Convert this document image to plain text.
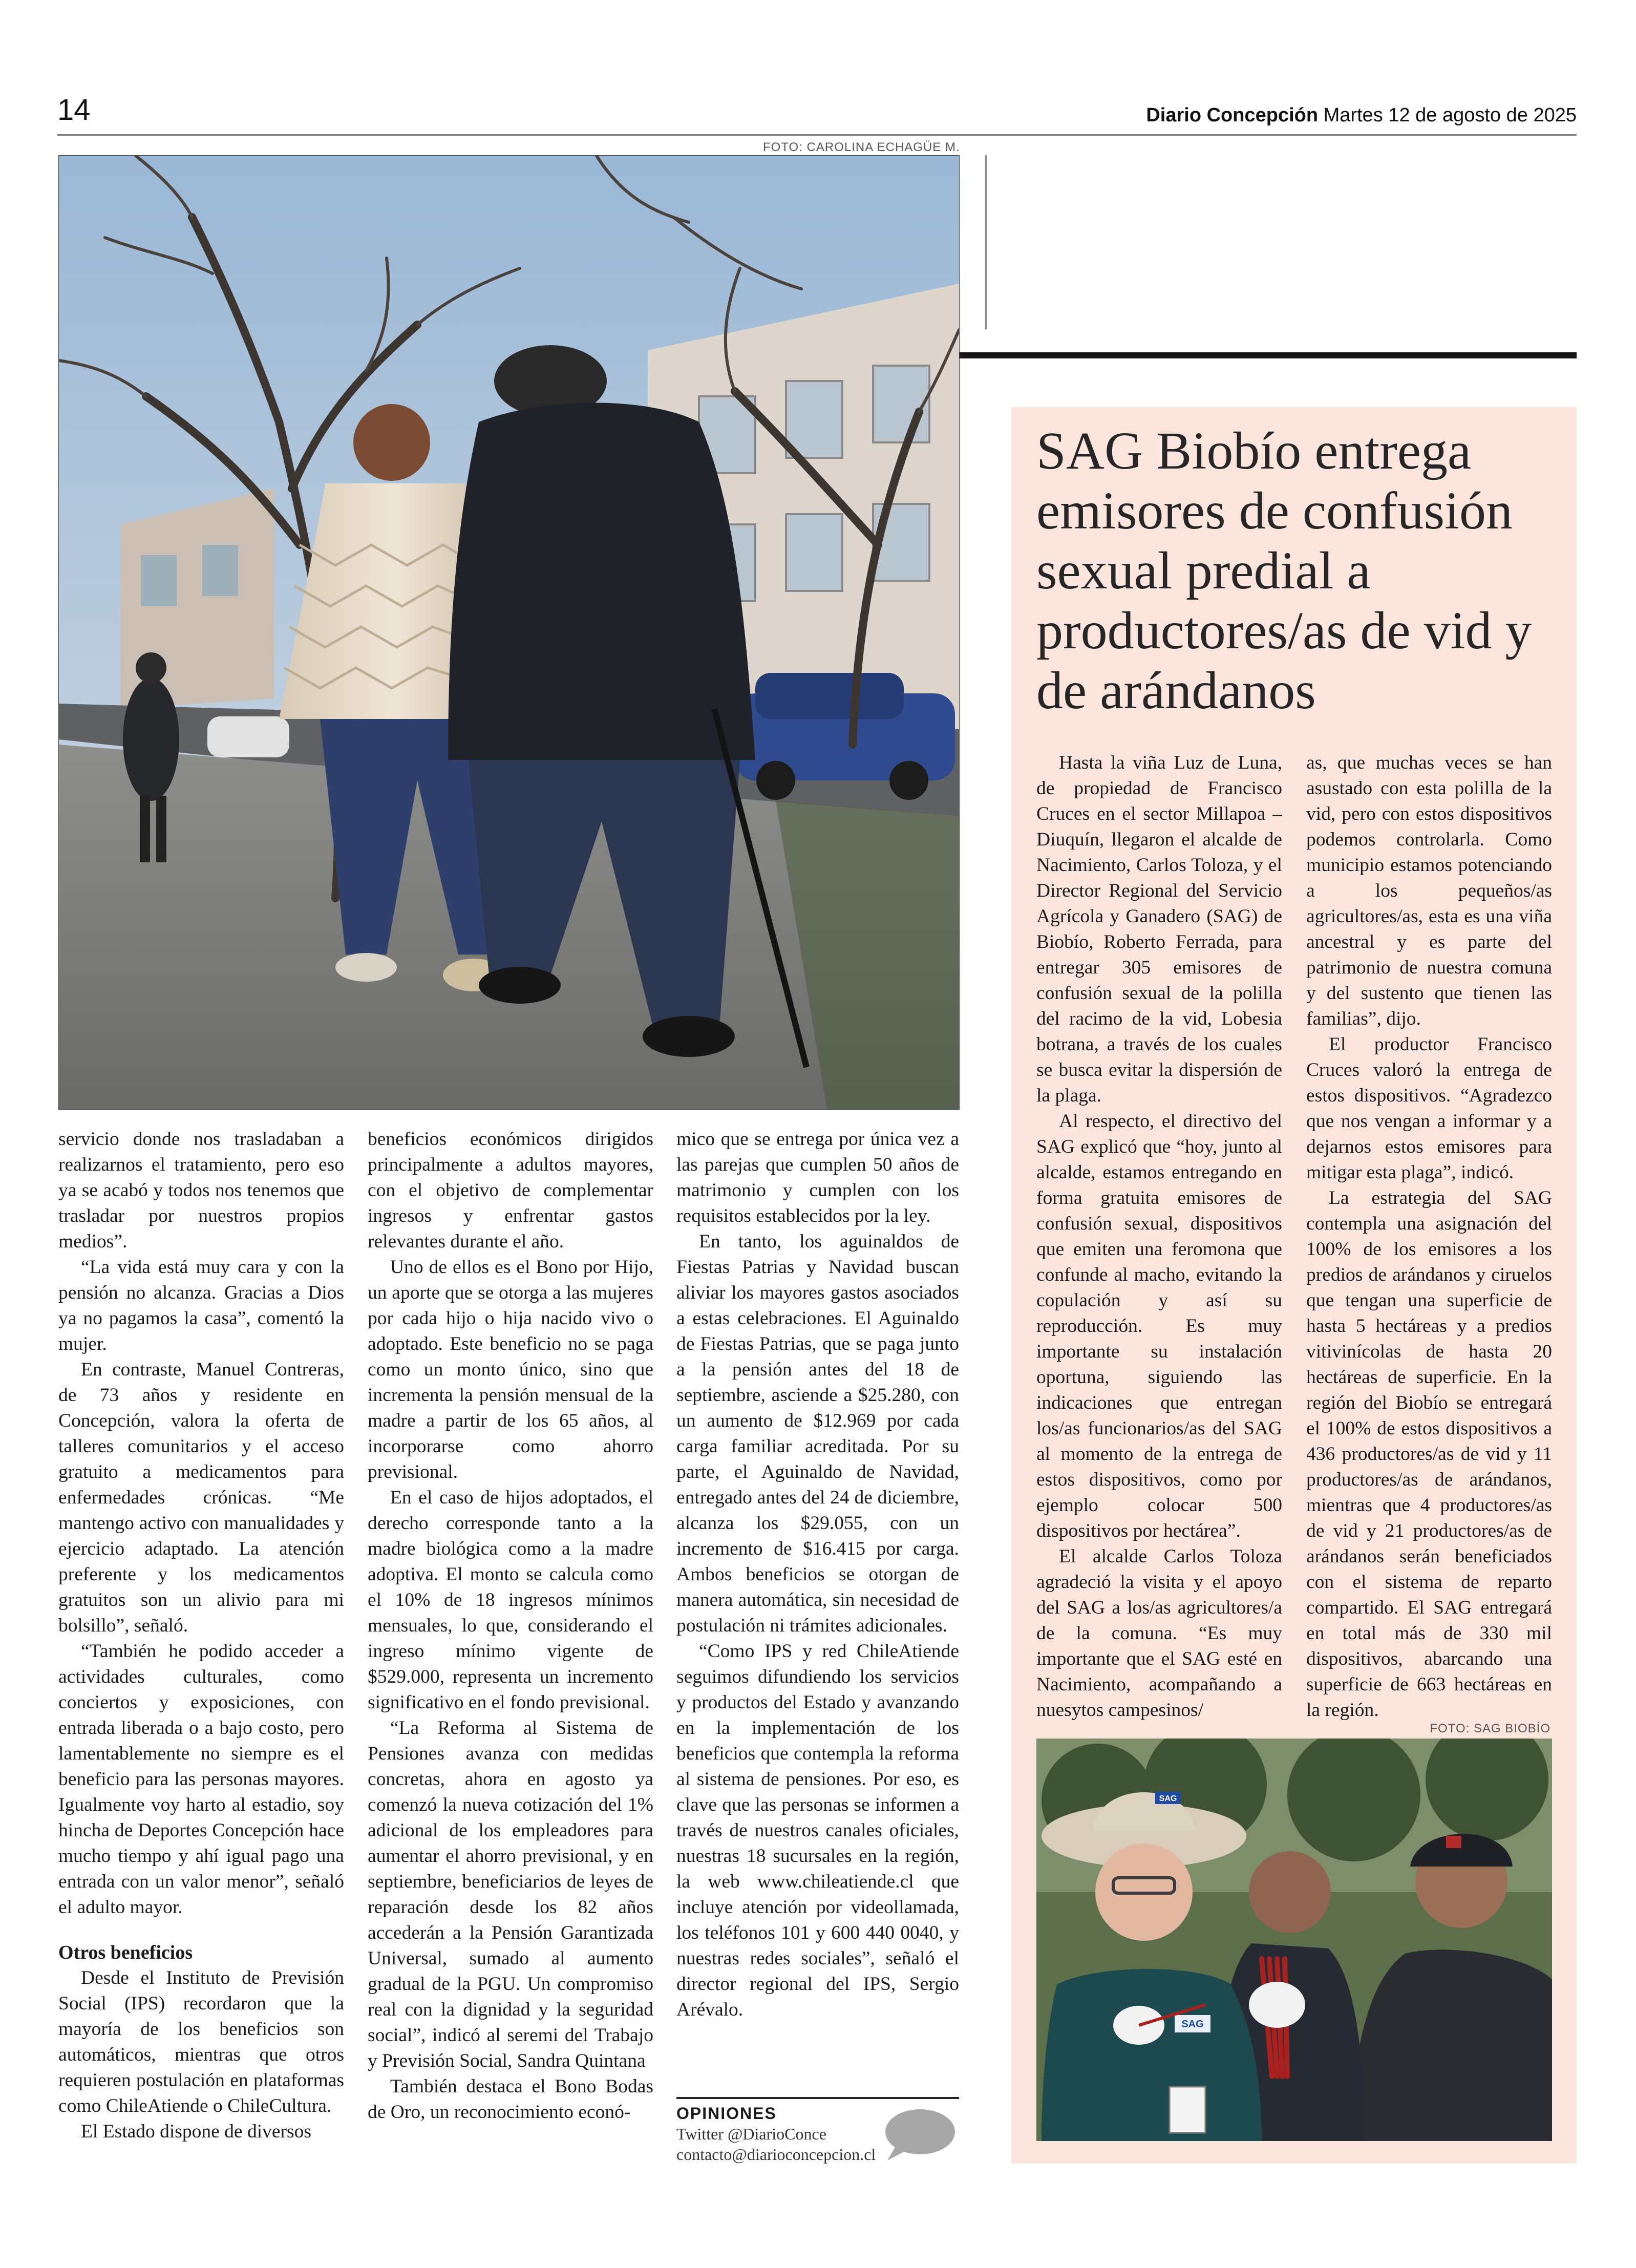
14	Diario Concepción Martes 12 de agosto de 2025
FOTO: CAROLINA ECHAGÜE M.

servicio donde nos trasladaban a realizarnos el tratamiento, pero eso ya se acabó y todos nos tenemos que trasladar por nuestros propios medios”.

“La vida está muy cara y con la pensión no alcanza. Gracias a Dios ya no pagamos la casa”, comentó la mujer.

En contraste, Manuel Contreras, de 73 años y residente en Concepción, valora la oferta de talleres comunitarios y el acceso gratuito a medicamentos para enfermedades crónicas. “Me mantengo activo con manualidades y ejercicio adaptado. La atención preferente y los medicamentos gratuitos son un alivio para mi bolsillo”, señaló.

“También he podido acceder a actividades culturales, como conciertos y exposiciones, con entrada liberada o a bajo costo, pero lamentablemente no siempre es el beneficio para las personas mayores. Igualmente voy harto al estadio, soy hincha de Deportes Concepción hace mucho tiempo y ahí igual pago una entrada con un valor menor”, señaló el adulto mayor.

Otros beneficios

Desde el Instituto de Previsión Social (IPS) recordaron que la mayoría de los beneficios son automáticos, mientras que otros requieren postulación en plataformas como ChileAtiende o ChileCultura.

El Estado dispone de diversos

beneficios económicos dirigidos principalmente a adultos mayores, con el objetivo de complementar ingresos y enfrentar gastos relevantes durante el año.

Uno de ellos es el Bono por Hijo, un aporte que se otorga a las mujeres por cada hijo o hija nacido vivo o adoptado. Este beneficio no se paga como un monto único, sino que incrementa la pensión mensual de la madre a partir de los 65 años, al incorporarse como ahorro previsional.

En el caso de hijos adoptados, el derecho corresponde tanto a la madre biológica como a la madre adoptiva. El monto se calcula como el 10% de 18 ingresos mínimos mensuales, lo que, considerando el ingreso mínimo vigente de $529.000, representa un incremento significativo en el fondo previsional.

“La Reforma al Sistema de Pensiones avanza con medidas concretas, ahora en agosto ya comenzó la nueva cotización del 1% adicional de los empleadores para aumentar el ahorro previsional, y en septiembre, beneficiarios de leyes de reparación desde los 82 años accederán a la Pensión Garantizada Universal, sumado al aumento gradual de la PGU. Un compromiso real con la dignidad y la seguridad social”, indicó al seremi del Trabajo y Previsión Social, Sandra Quintana

También destaca el Bono Bodas de Oro, un reconocimiento econó-

mico que se entrega por única vez a las parejas que cumplen 50 años de matrimonio y cumplen con los requisitos establecidos por la ley.

En tanto, los aguinaldos de Fiestas Patrias y Navidad buscan aliviar los mayores gastos asociados a estas celebraciones. El Aguinaldo de Fiestas Patrias, que se paga junto a la pensión antes del 18 de septiembre, asciende a $25.280, con un aumento de $12.969 por cada carga familiar acreditada. Por su parte, el Aguinaldo de Navidad, entregado antes del 24 de diciembre, alcanza los $29.055, con un incremento de $16.415 por carga. Ambos beneficios se otorgan de manera automática, sin necesidad de postulación ni trámites adicionales.

“Como IPS y red ChileAtiende seguimos difundiendo los servicios y productos del Estado y avanzando en la implementación de los beneficios que contempla la reforma al sistema de pensiones. Por eso, es clave que las personas se informen a través de nuestros canales oficiales, nuestras 18 sucursales en la región, la web www.chileatiende.cl que incluye atención por videollamada, los teléfonos 101 y 600 440 0040, y nuestras redes sociales”, señaló el director regional del IPS, Sergio Arévalo.

OPINIONES
Twitter @DiarioConce
contacto@diarioconcepcion.cl
SAG Biobío entrega emisores de confusión sexual predial a productores/as de vid y de arándanos

Hasta la viña Luz de Luna, de propiedad de Francisco Cruces en el sector Millapoa – Diuquín, llegaron el alcalde de Nacimiento, Carlos Toloza, y el Director Regional del Servicio Agrícola y Ganadero (SAG) de Biobío, Roberto Ferrada, para entregar 305 emisores de confusión sexual de la polilla del racimo de la vid, Lobesia botrana, a través de los cuales se busca evitar la dispersión de la plaga.

Al respecto, el directivo del SAG explicó que “hoy, junto al alcalde, estamos entregando en forma gratuita emisores de confusión sexual, dispositivos que emiten una feromona que confunde al macho, evitando la copulación y así su reproducción. Es muy importante su instalación oportuna, siguiendo las indicaciones que entregan los/as funcionarios/as del SAG al momento de la entrega de estos dispositivos, como por ejemplo colocar 500 dispositivos por hectárea”.

El alcalde Carlos Toloza agradeció la visita y el apoyo del SAG a los/as agricultores/a de la comuna. “Es muy importante que el SAG esté en Nacimiento, acompañando a nuesytos campesinos/

as, que muchas veces se han asustado con esta polilla de la vid, pero con estos dispositivos podemos controlarla. Como municipio estamos potenciando a los pequeños/as agricultores/as, esta es una viña ancestral y es parte del patrimonio de nuestra comuna y del sustento que tienen las familias”, dijo.

El productor Francisco Cruces valoró la entrega de estos dispositivos. “Agradezco que nos vengan a informar y a dejarnos estos emisores para mitigar esta plaga”, indicó.

La estrategia del SAG contempla una asignación del 100% de los emisores a los predios de arándanos y ciruelos que tengan una superficie de hasta 5 hectáreas y a predios vitivinícolas de hasta 20 hectáreas de superficie. En la región del Biobío se entregará el 100% de estos dispositivos a 436 productores/as de vid y 11 productores/as de arándanos, mientras que 4 productores/as de vid y 21 productores/as de arándanos serán beneficiados con el sistema de reparto compartido. El SAG entregará en total más de 330 mil dispositivos, abarcando una superficie de 663 hectáreas en la región.

FOTO: SAG BIOBÍO
SAG
SAG
